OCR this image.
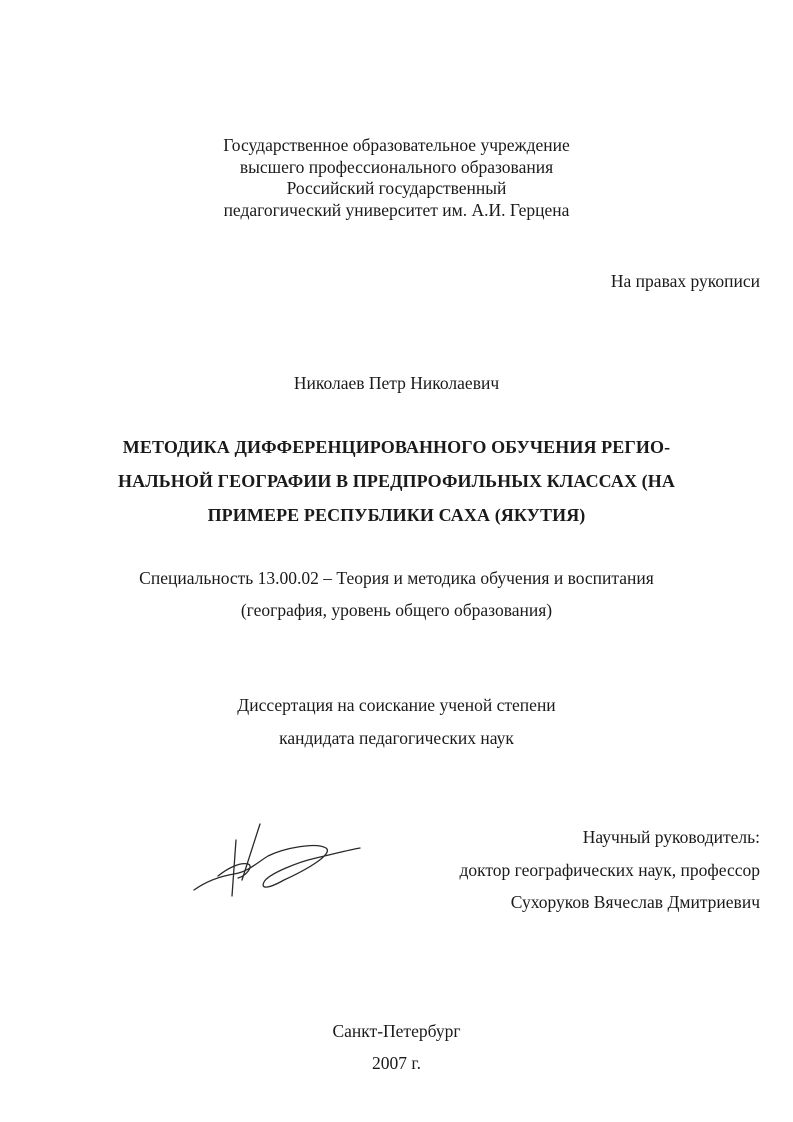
Государственное образовательное учреждение
высшего профессионального образования
Российский государственный
педагогический университет им. А.И. Герцена
На правах рукописи
Николаев Петр Николаевич
МЕТОДИКА ДИФФЕРЕНЦИРОВАННОГО ОБУЧЕНИЯ РЕГИО-
НАЛЬНОЙ ГЕОГРАФИИ В ПРЕДПРОФИЛЬНЫХ КЛАССАХ (НА
ПРИМЕРЕ РЕСПУБЛИКИ САХА (ЯКУТИЯ)
Специальность 13.00.02 – Теория и методика обучения и воспитания
(география, уровень общего образования)
Диссертация на соискание ученой степени
кандидата педагогических наук
Научный руководитель:
доктор географических наук, профессор
Сухоруков Вячеслав Дмитриевич
Санкт-Петербург
2007 г.
